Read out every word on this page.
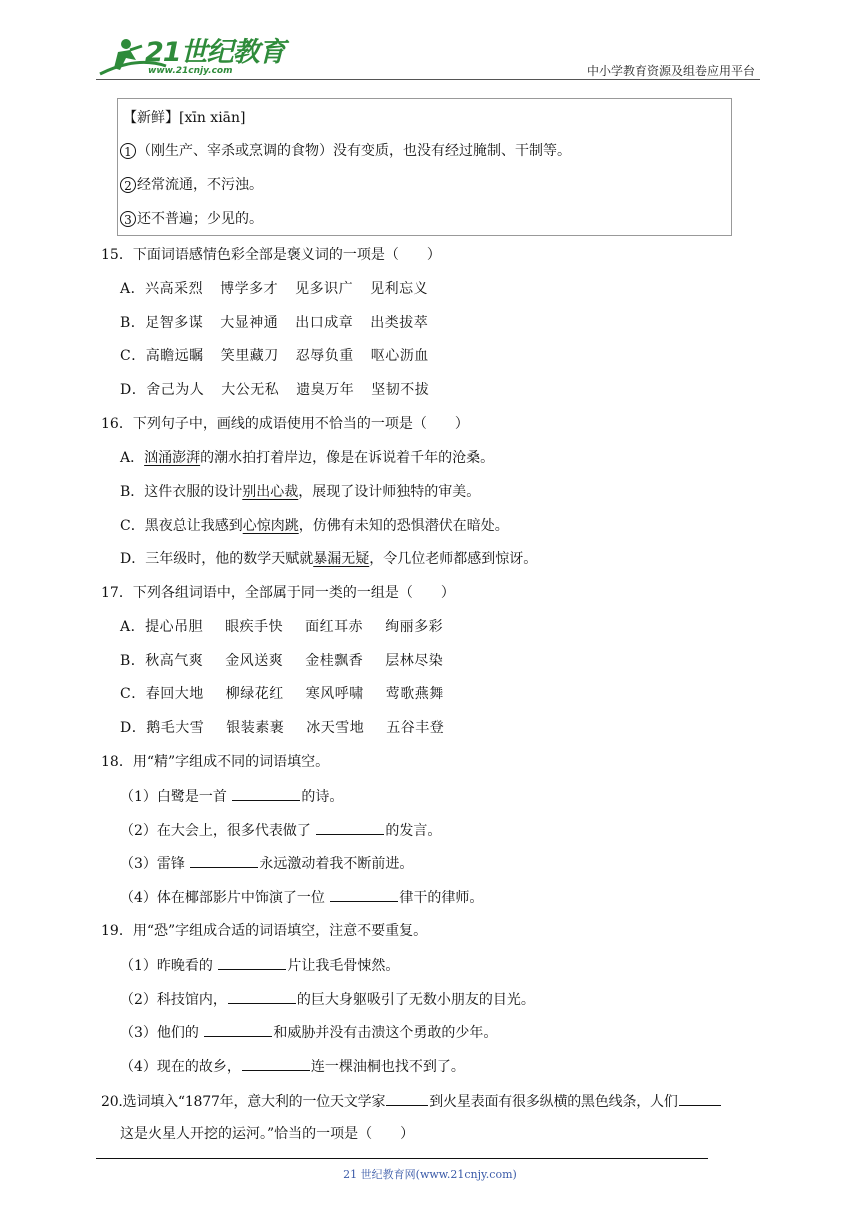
21世纪教育
www.21cnjy.com	中小学教育资源及组卷应用平台
【新鲜】[xīn xiān]
1 （刚生产、宰杀或烹调的食物）没有变质，也没有经过腌制、干制等。
2 经常流通，不污浊。
3 还不普遍；少见的。
15．下面词语感情色彩全部是褒义词的一项是（　　）
A．兴高采烈 博学多才 见多识广 见利忘义
B．足智多谋 大显神通 出口成章 出类拔萃
C．高瞻远瞩 笑里藏刀 忍辱负重 呕心沥血
D．舍己为人 大公无私 遗臭万年 坚韧不拔
16．下列句子中，画线的成语使用不恰当的一项是（　　）
A．汹涌澎湃的潮水拍打着岸边，像是在诉说着千年的沧桑。
B．这件衣服的设计别出心裁，展现了设计师独特的审美。
C．黑夜总让我感到心惊肉跳，仿佛有未知的恐惧潜伏在暗处。
D．三年级时，他的数学天赋就暴漏无疑，令几位老师都感到惊讶。
17．下列各组词语中，全部属于同一类的一组是（　　）
A．提心吊胆 眼疾手快 面红耳赤 绚丽多彩
B．秋高气爽 金风送爽 金桂飘香 层林尽染
C．春回大地 柳绿花红 寒风呼啸 莺歌燕舞
D．鹅毛大雪 银装素裹 冰天雪地 五谷丰登
18．用“精”字组成不同的词语填空。
（1）白鹭是一首	的诗。
（2）在大会上，很多代表做了	的发言。
（3）雷锋	永远激动着我不断前进。
（4）体在椰部影片中饰演了一位	律干的律师。
19．用“恐”字组成合适的词语填空，注意不要重复。
（1）昨晚看的	片让我毛骨悚然。
（2）科技馆内，	的巨大身躯吸引了无数小朋友的目光。
（3）他们的	和威胁并没有击溃这个勇敢的少年。
（4）现在的故乡，	连一棵油桐也找不到了。
20.选词填入“1877年，意大利的一位天文学家	到火星表面有很多纵横的黑色线条，人们
这是火星人开挖的运河。”恰当的一项是（　　）
21 世纪教育网(www.21cnjy.com)
